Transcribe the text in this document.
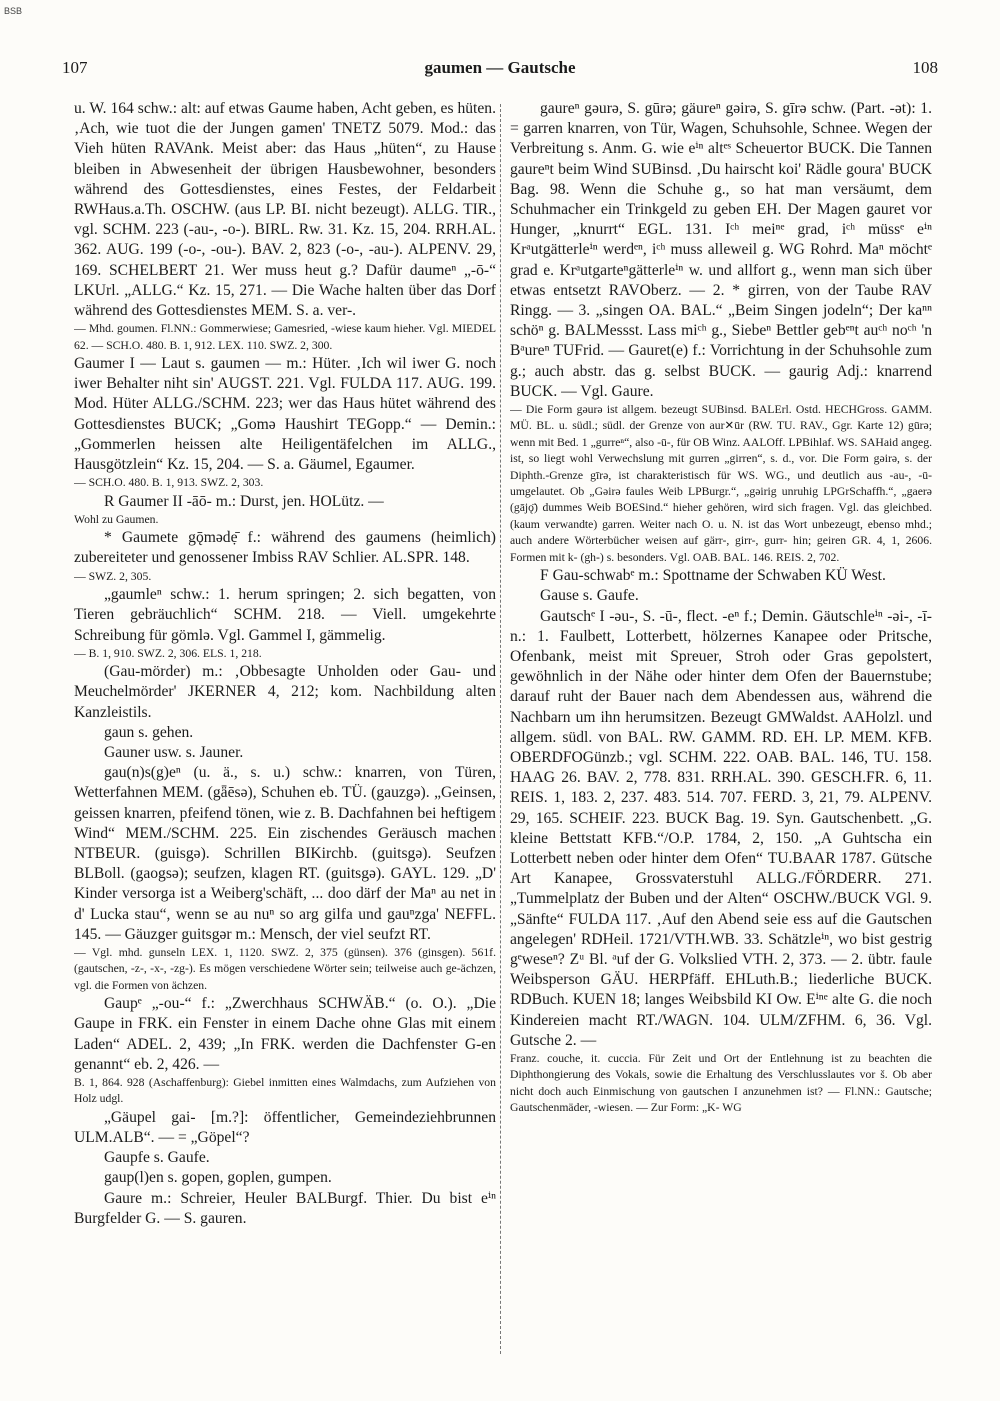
BSB
107	gaumen — Gautsche	108

u. W. 164 schw.: alt: auf etwas Gaume haben, Acht geben, es hüten. ‚Ach, wie tuot die der Jungen gamen' TNETZ 5079. Mod.: das Vieh hüten RAVAnk. Meist aber: das Haus „hüten“, zu Hause bleiben in Abwesenheit der übrigen Hausbewohner, besonders während des Gottesdienstes, eines Festes, der Feldarbeit RWHaus.a.Th. OSCHW. (aus LP. BI. nicht bezeugt). ALLG. TIR., vgl. SCHM. 223 (-au-, -o-). BIRL. Rw. 31. Kz. 15, 204. RRH.AL. 362. AUG. 199 (-o-, -ou-). BAV. 2, 823 (-o-, -au-). ALPENV. 29, 169. SCHELBERT 21. Wer muss heut g.? Dafür daumeⁿ „-ō-“ LKUrl. „ALLG.“ Kz. 15, 271. — Die Wache halten über das Dorf während des Gottesdienstes MEM. S. a. ver-.

— Mhd. goumen. Fl.NN.: Gommerwiese; Gamesried, -wiese kaum hieher. Vgl. MIEDEL 62. — SCH.O. 480. B. 1, 912. LEX. 110. SWZ. 2, 300.

Gaumer I — Laut s. gaumen — m.: Hüter. ‚Ich wil iwer G. noch iwer Behalter niht sin' AUGST. 221. Vgl. FULDA 117. AUG. 199. Mod. Hüter ALLG./SCHM. 223; wer das Haus hütet während des Gottesdienstes BUCK; „Gomə Haushirt TEGopp.“ — Demin.: „Gommerlen heissen alte Heiligentäfelchen im ALLG., Hausgötzlein“ Kz. 15, 204. — S. a. Gäumel, Egaumer.

— SCH.O. 480. B. 1, 913. SWZ. 2, 303.

R Gaumer II -āō- m.: Durst, jen. HOLütz. —

Wohl zu Gaumen.

* Gaumete gǭmədẹ̄ f.: während des gaumens (heimlich) zubereiteter und genossener Imbiss RAV Schlier. AL.SPR. 148.

— SWZ. 2, 305.

„gaumleⁿ schw.: 1. herum springen; 2. sich begatten, von Tieren gebräuchlich“ SCHM. 218. — Viell. umgekehrte Schreibung für gömlə. Vgl. Gammel I, gämmelig.

— B. 1, 910. SWZ. 2, 306. ELS. 1, 218.

(Gau-mörder) m.: ‚Obbesagte Unholden oder Gau- und Meuchelmörder' JKERNER 4, 212; kom. Nachbildung alten Kanzleistils.

gaun s. gehen.

Gauner usw. s. Jauner.

gau(n)s(g)eⁿ (u. ä., s. u.) schw.: knarren, von Türen, Wetterfahnen MEM. (gǟēsə), Schuhen eb. TÜ. (gauzgə). „Geinsen, geissen knarren, pfeifend tönen, wie z. B. Dachfahnen bei heftigem Wind“ MEM./SCHM. 225. Ein zischendes Geräusch machen NTBEUR. (guisgə). Schrillen BIKirchb. (guitsgə). Seufzen BLBoll. (gaogsə); seufzen, klagen RT. (guitsgə). GAYL. 129. „D' Kinder versorga ist a Weiberg'schäft, ... doo därf der Maⁿ au net in d' Lucka stau“, wenn se au nuⁿ so arg gilfa und gauⁿzga' NEFFL. 145. — Gäuzger guitsgər m.: Mensch, der viel seufzt RT.

— Vgl. mhd. gunseln LEX. 1, 1120. SWZ. 2, 375 (günsen). 376 (ginsgen). 561f. (gautschen, -z-, -x-, -zg-). Es mögen verschiedene Wörter sein; teilweise auch ge-ächzen, vgl. die Formen von ächzen.

Gaupᵉ „-ou-“ f.: „Zwerchhaus SCHWÄB.“ (o. O.). „Die Gaupe in FRK. ein Fenster in einem Dache ohne Glas mit einem Laden“ ADEL. 2, 439; „In FRK. werden die Dachfenster G-en genannt“ eb. 2, 426. —

B. 1, 864. 928 (Aschaffenburg): Giebel inmitten eines Walmdachs, zum Aufziehen von Holz udgl.

„Gäupel gai- [m.?]: öffentlicher, Gemeindeziehbrunnen ULM.ALB“. — = „Göpel“?

Gaupfe s. Gaufe.

gaup(l)en s. gopen, goplen, gumpen.

Gaure m.: Schreier, Heuler BALBurgf. Thier. Du bist eⁱⁿ Burgfelder G. — S. gauren.

gaureⁿ gəurə, S. gūrə; gäureⁿ gəirə, S. gīrə schw. (Part. -ət): 1. = garren knarren, von Tür, Wagen, Schuhsohle, Schnee. Wegen der Verbreitung s. Anm. G. wie eⁱⁿ altᵉˢ Scheuertor BUCK. Die Tannen gaureⁿt beim Wind SUBinsd. ‚Du hairscht koi' Rädle goura' BUCK Bag. 98. Wenn die Schuhe g., so hat man versäumt, dem Schuhmacher ein Trinkgeld zu geben EH. Der Magen gauret vor Hunger, „knurrt“ EGL. 131. Iᶜʰ meiⁿᵉ grad, iᶜʰ müssᵉ eⁱⁿ Krᵃutgätterleⁱⁿ werdᵉⁿ, iᶜʰ muss alleweil g. WG Rohrd. Maⁿ möchtᵉ grad e. Krᵃutgarteⁿgätterleⁱⁿ w. und allfort g., wenn man sich über etwas entsetzt RAVOberz. — 2. * girren, von der Taube RAV Ringg. — 3. „singen OA. BAL.“ „Beim Singen jodeln“; Der kaⁿⁿ schöⁿ g. BALMessst. Lass miᶜʰ g., Siebeⁿ Bettler gebᵉⁿt auᶜʰ noᶜʰ 'n Bᵃureⁿ TUFrid. — Gauret(e) f.: Vorrichtung in der Schuhsohle zum g.; auch abstr. das g. selbst BUCK. — gaurig Adj.: knarrend BUCK. — Vgl. Gaure.

— Die Form gəurə ist allgem. bezeugt SUBinsd. BALErl. Ostd. HECHGross. GAMM. MÜ. BL. u. südl.; südl. der Grenze von aur✕ūr (RW. TU. RAV., Ggr. Karte 12) gūrə; wenn mit Bed. 1 „gurreⁿ“, also -ū-, für OB Winz. AALOff. LPBihlaf. WS. SAHaid angeg. ist, so liegt wohl Verwechslung mit gurren „girren“, s. d., vor. Die Form gəirə, s. der Diphth.-Grenze gīrə, ist charakteristisch für WS. WG., und deutlich aus -au-, -ū- umgelautet. Ob „Gəirə faules Weib LPBurgr.“, „gəirig unruhig LPGrSchaffh.“, „gaerə (gājǫ̈) dummes Weib BOESind.“ hieher gehören, wird sich fragen. Vgl. das gleichbed. (kaum verwandte) garren. Weiter nach O. u. N. ist das Wort unbezeugt, ebenso mhd.; auch andere Wörterbücher weisen auf gärr-, girr-, gurr- hin; geiren GR. 4, 1, 2606. Formen mit k- (gh-) s. besonders. Vgl. OAB. BAL. 146. REIS. 2, 702.

F Gau-schwabᵉ m.: Spottname der Schwaben KÜ West.

Gause s. Gaufe.

Gautschᵉ I -əu-, S. -ū-, flect. -eⁿ f.; Demin. Gäutschleⁱⁿ -əi-, -ī- n.: 1. Faulbett, Lotterbett, hölzernes Kanapee oder Pritsche, Ofenbank, meist mit Spreuer, Stroh oder Gras gepolstert, gewöhnlich in der Nähe oder hinter dem Ofen der Bauernstube; darauf ruht der Bauer nach dem Abendessen aus, während die Nachbarn um ihn herumsitzen. Bezeugt GMWaldst. AAHolzl. und allgem. südl. von BAL. RW. GAMM. RD. EH. LP. MEM. KFB. OBERDFOGünzb.; vgl. SCHM. 222. OAB. BAL. 146, TU. 158. HAAG 26. BAV. 2, 778. 831. RRH.AL. 390. GESCH.FR. 6, 11. REIS. 1, 183. 2, 237. 483. 514. 707. FERD. 3, 21, 79. ALPENV. 29, 165. SCHEIF. 223. BUCK Bag. 19. Syn. Gautschenbett. „G. kleine Bettstatt KFB.“/O.P. 1784, 2, 150. „A Guhtscha ein Lotterbett neben oder hinter dem Ofen“ TU.BAAR 1787. Gütsche Art Kanapee, Grossvaterstuhl ALLG./FÖRDERR. 271. „Tummelplatz der Buben und der Alten“ OSCHW./BUCK VGl. 9. „Sänfte“ FULDA 117. ‚Auf den Abend seie ess auf die Gautschen angelegen' RDHeil. 1721/VTH.WB. 33. Schätzleⁱⁿ, wo bist gestrig gᵉweseⁿ? Zᵘ Bl. ᵃuf der G. Volkslied VTH. 2, 373. — 2. übtr. faule Weibsperson GÄU. HERPfäff. EHLuth.B.; liederliche BUCK. RDBuch. KUEN 18; langes Weibsbild KI Ow. Eⁱⁿᵉ alte G. die noch Kindereien macht RT./WAGN. 104. ULM/ZFHM. 6, 36. Vgl. Gutsche 2. —

Franz. couche, it. cuccia. Für Zeit und Ort der Entlehnung ist zu beachten die Diphthongierung des Vokals, sowie die Erhaltung des Verschlusslautes vor š. Ob aber nicht doch auch Einmischung von gautschen I anzunehmen ist? — Fl.NN.: Gautsche; Gautschenmäder, -wiesen. — Zur Form: „K- WG
